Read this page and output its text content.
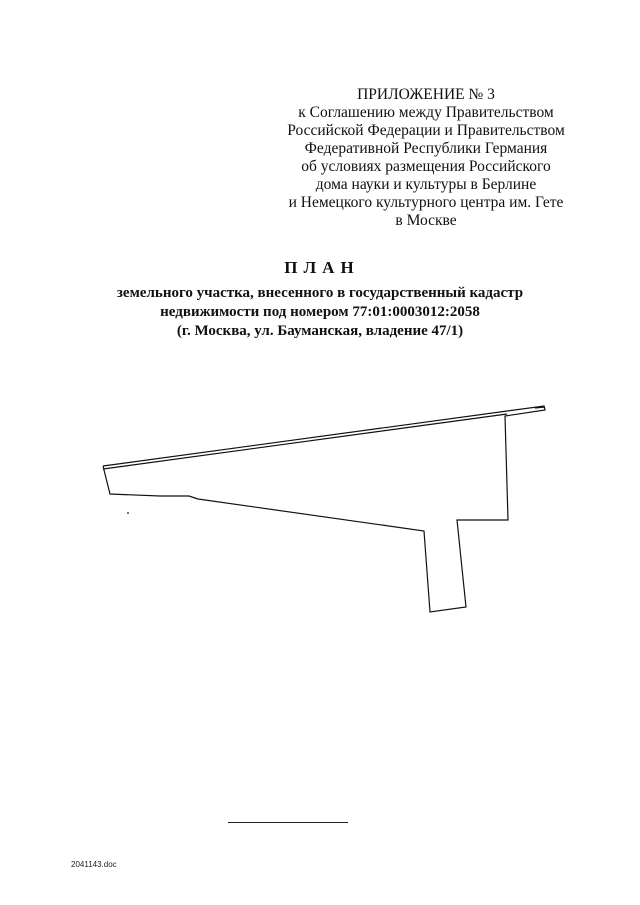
ПРИЛОЖЕНИЕ № 3
к Соглашению между Правительством
Российской Федерации и Правительством
Федеративной Республики Германия
об условиях размещения Российского
дома науки и культуры в Берлине
и Немецкого культурного центра им. Гете
в Москве
ПЛАН
земельного участка, внесенного в государственный кадастр
недвижимости под номером 77:01:0003012:2058
(г. Москва, ул. Бауманская, владение 47/1)
2041143.doc
